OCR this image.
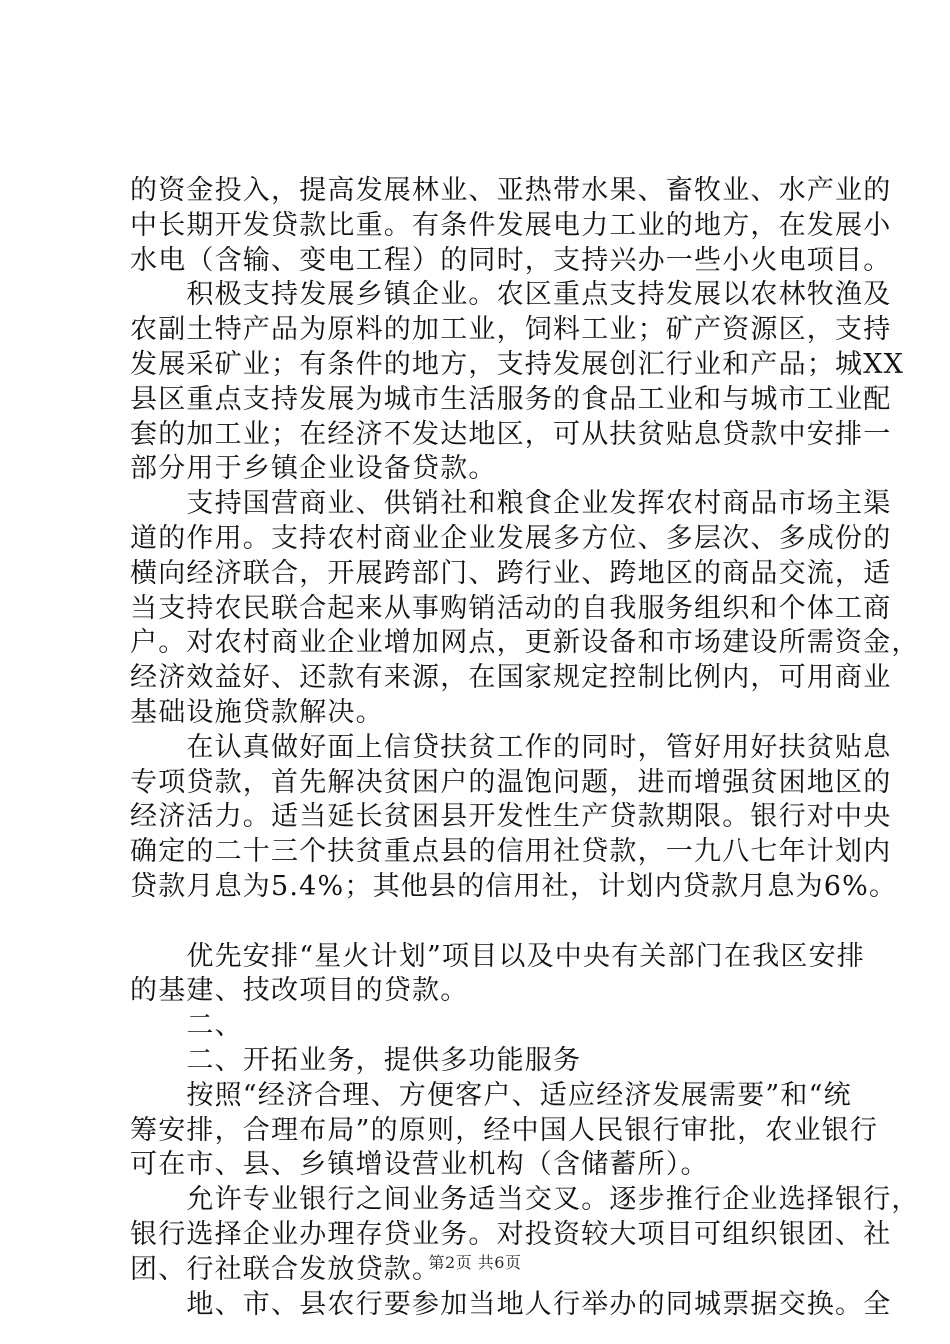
的资金投入，提高发展林业、亚热带水果、畜牧业、水产业的
中长期开发贷款比重。有条件发展电力工业的地方，在发展小
水电（含输、变电工程）的同时，支持兴办一些小火电项目。
　　积极支持发展乡镇企业。农区重点支持发展以农林牧渔及
农副土特产品为原料的加工业，饲料工业；矿产资源区，支持
发展采矿业；有条件的地方，支持发展创汇行业和产品；城XX
县区重点支持发展为城市生活服务的食品工业和与城市工业配
套的加工业；在经济不发达地区，可从扶贫贴息贷款中安排一
部分用于乡镇企业设备贷款。
　　支持国营商业、供销社和粮食企业发挥农村商品市场主渠
道的作用。支持农村商业企业发展多方位、多层次、多成份的
横向经济联合，开展跨部门、跨行业、跨地区的商品交流，适
当支持农民联合起来从事购销活动的自我服务组织和个体工商
户。对农村商业企业增加网点，更新设备和市场建设所需资金，
经济效益好、还款有来源，在国家规定控制比例内，可用商业
基础设施贷款解决。
　　在认真做好面上信贷扶贫工作的同时，管好用好扶贫贴息
专项贷款，首先解决贫困户的温饱问题，进而增强贫困地区的
经济活力。适当延长贫困县开发性生产贷款期限。银行对中央
确定的二十三个扶贫重点县的信用社贷款，一九八七年计划内
贷款月息为5.4%；其他县的信用社，计划内贷款月息为6%。
　　优先安排“星火计划”项目以及中央有关部门在我区安排
的基建、技改项目的贷款。
　　二、
　　二、开拓业务，提供多功能服务
　　按照“经济合理、方便客户、适应经济发展需要”和“统
筹安排，合理布局”的原则，经中国人民银行审批，农业银行
可在市、县、乡镇增设营业机构（含储蓄所）。
　　允许专业银行之间业务适当交叉。逐步推行企业选择银行，
银行选择企业办理存贷业务。对投资较大项目可组织银团、社
团、行社联合发放贷款。
　　地、市、县农行要参加当地人行举办的同城票据交换。全
第2页 共6页
